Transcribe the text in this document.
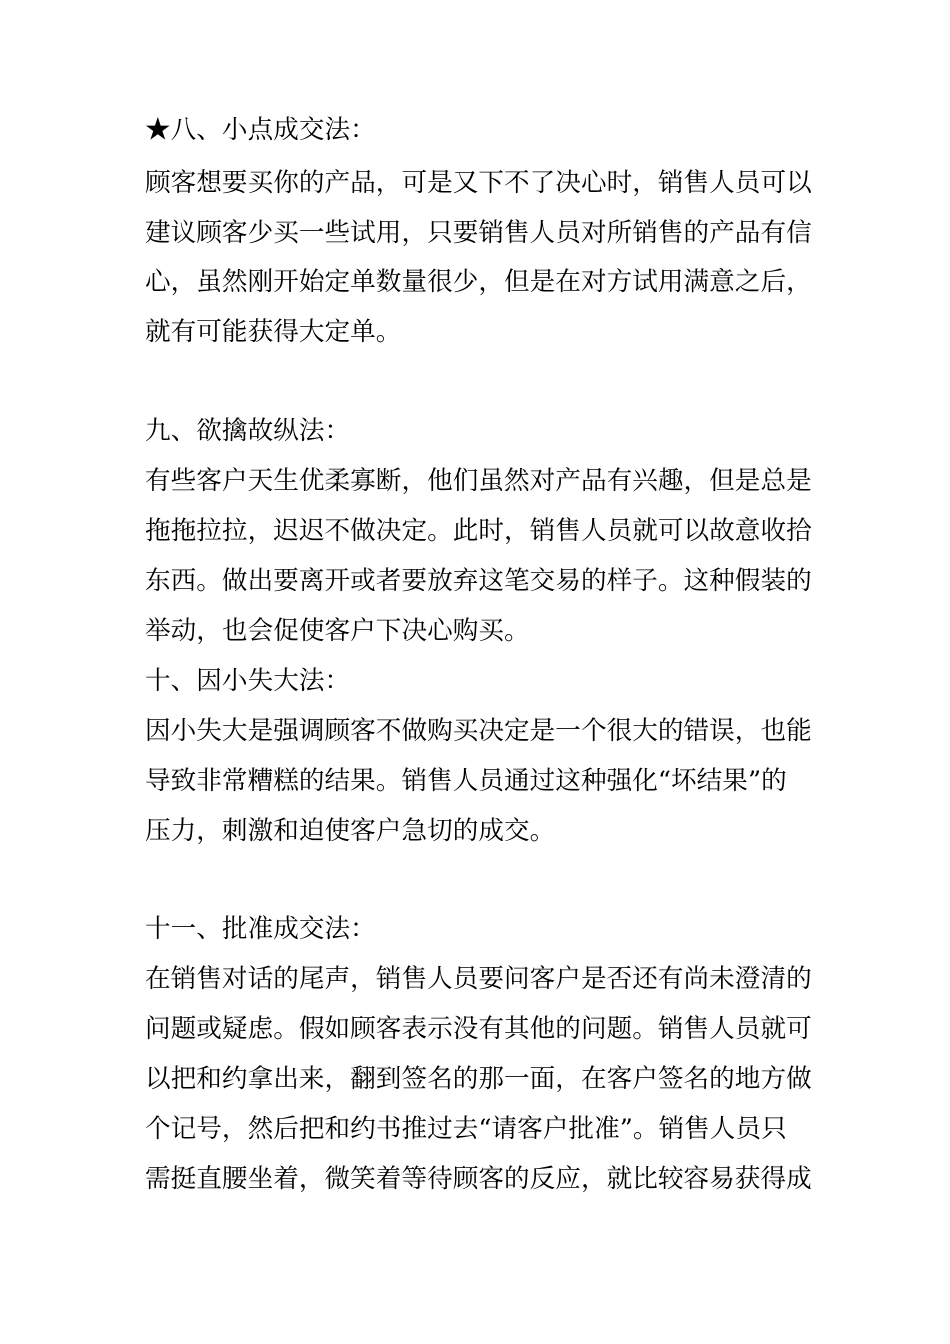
★八、小点成交法：
顾客想要买你的产品，可是又下不了决心时，销售人员可以
建议顾客少买一些试用，只要销售人员对所销售的产品有信
心，虽然刚开始定单数量很少，但是在对方试用满意之后，
就有可能获得大定单。
九、欲擒故纵法：
有些客户天生优柔寡断，他们虽然对产品有兴趣，但是总是
拖拖拉拉，迟迟不做决定。此时，销售人员就可以故意收拾
东西。做出要离开或者要放弃这笔交易的样子。这种假装的
举动，也会促使客户下决心购买。
十、因小失大法：
因小失大是强调顾客不做购买决定是一个很大的错误，也能
导致非常糟糕的结果。销售人员通过这种强化“坏结果”的
压力，刺激和迫使客户急切的成交。
十一、批准成交法：
在销售对话的尾声，销售人员要问客户是否还有尚未澄清的
问题或疑虑。假如顾客表示没有其他的问题。销售人员就可
以把和约拿出来，翻到签名的那一面，在客户签名的地方做
个记号，然后把和约书推过去“请客户批准”。销售人员只
需挺直腰坐着，微笑着等待顾客的反应，就比较容易获得成
